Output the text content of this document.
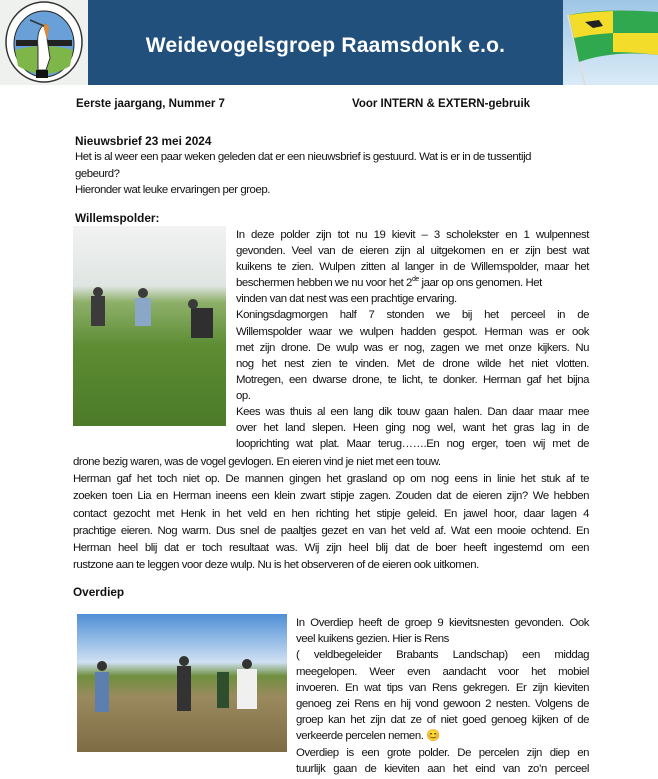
Weidevogelsgroep Raamsdonk e.o.
Eerste jaargang, Nummer 7	Voor INTERN & EXTERN-gebruik
Nieuwsbrief 23 mei 2024
Het is al weer een paar weken geleden dat er een nieuwsbrief is gestuurd. Wat is er in de tussentijd
gebeurd?
Hieronder wat leuke ervaringen per groep.
Willemspolder:
In deze polder zijn tot nu 19 kievit – 3 scholekster en 1 wulpennest
gevonden. Veel van de eieren zijn al uitgekomen en er zijn best wat
kuikens te zien. Wulpen zitten al langer in de Willemspolder, maar het
beschermen hebben we nu voor het 2de jaar op ons genomen. Het
vinden van dat nest was een prachtige ervaring.
Koningsdagmorgen half 7 stonden we bij het perceel in de
Willemspolder waar we wulpen hadden gespot. Herman was er ook
met zijn drone. De wulp was er nog, zagen we met onze kijkers. Nu
nog het nest zien te vinden. Met de drone wilde het niet vlotten.
Motregen, een dwarse drone, te licht, te donker. Herman gaf het bijna
op.
Kees was thuis al een lang dik touw gaan halen. Dan daar maar mee
over het land slepen. Heen ging nog wel, want het gras lag in de
looprichting wat plat. Maar terug…….En nog erger, toen wij met de
drone bezig waren, was de vogel gevlogen. En eieren vind je niet met een touw.
Herman gaf het toch niet op. De mannen gingen het grasland op om nog eens in linie het stuk af te
zoeken toen Lia en Herman ineens een klein zwart stipje zagen. Zouden dat de eieren zijn? We hebben
contact gezocht met Henk in het veld en hen richting het stipje geleid. En jawel hoor, daar lagen 4
prachtige eieren. Nog warm. Dus snel de paaltjes gezet en van het veld af. Wat een mooie ochtend. En
Herman heel blij dat er toch resultaat was. Wij zijn heel blij dat de boer heeft ingestemd om een
rustzone aan te leggen voor deze wulp. Nu is het observeren of de eieren ook uitkomen.
Overdiep
In Overdiep heeft de groep 9 kievitsnesten gevonden. Ook
veel kuikens gezien. Hier is Rens
( veldbegeleider Brabants Landschap) een middag
meegelopen. Weer even aandacht voor het mobiel
invoeren. En wat tips van Rens gekregen. Er zijn kieviten
genoeg zei Rens en hij vond gewoon 2 nesten. Volgens de
groep kan het zijn dat ze of niet goed genoeg kijken of de
verkeerde percelen nemen. 😊
Overdiep is een grote polder. De percelen zijn diep en
tuurlijk gaan de kieviten aan het eind van zo’n perceel
